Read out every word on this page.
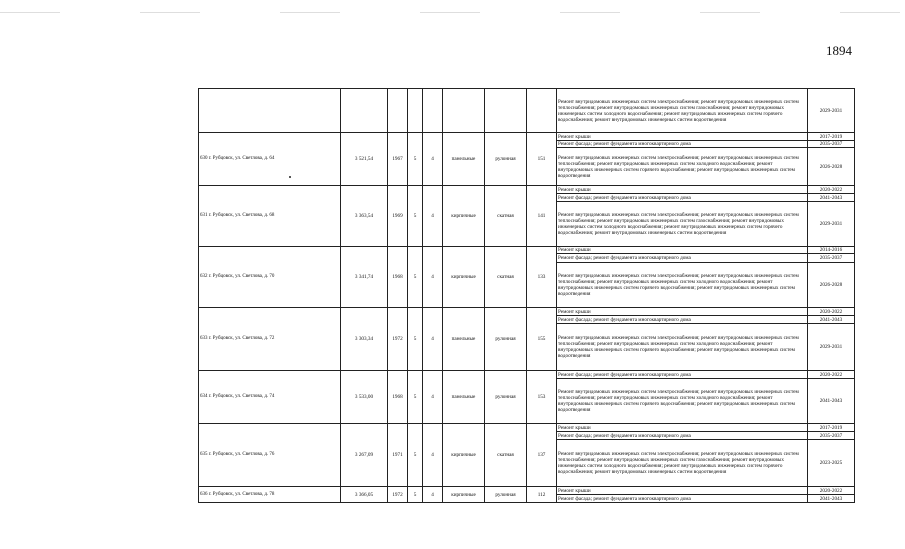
1894
								Ремонт внутридомовых инженерных систем электроснабжения; ремонт внутридомовых инженерных систем теплоснабжения; ремонт внутридомовых инженерных систем газоснабжения; ремонт внутридомовых инженерных систем холодного водоснабжения; ремонт внутридомовых инженерных систем горячего водоснабжения; ремонт внутридомовых инженерных систем водоотведения	2029-2031
630 г. Рубцовск, ул. Светлова, д. 64	3 521,54	1967	5	4	панельные	рулонная	151	Ремонт крыши	2017-2019
								Ремонт фасада; ремонт фундамента многоквартирного дома	2035-2037
								Ремонт внутридомовых инженерных систем электроснабжения; ремонт внутридомовых инженерных систем теплоснабжения; ремонт внутридомовых инженерных систем холодного водоснабжения; ремонт внутридомовых инженерных систем горячего водоснабжения; ремонт внутридомовых инженерных систем водоотведения	2026-2028
631 г. Рубцовск, ул. Светлова, д. 68	3 363,54	1969	5	4	кирпичные	скатная	141	Ремонт крыши	2020-2022
								Ремонт фасада; ремонт фундамента многоквартирного дома	2041-2043
								Ремонт внутридомовых инженерных систем электроснабжения; ремонт внутридомовых инженерных систем теплоснабжения; ремонт внутридомовых инженерных систем газоснабжения; ремонт внутридомовых инженерных систем холодного водоснабжения; ремонт внутридомовых инженерных систем горячего водоснабжения; ремонт внутридомовых инженерных систем водоотведения	2029-2031
632 г. Рубцовск, ул. Светлова, д. 70	3 341,74	1968	5	4	кирпичные	скатная	133	Ремонт крыши	2014-2016
								Ремонт фасада; ремонт фундамента многоквартирного дома	2035-2037
								Ремонт внутридомовых инженерных систем электроснабжения; ремонт внутридомовых инженерных систем теплоснабжения; ремонт внутридомовых инженерных систем холодного водоснабжения; ремонт внутридомовых инженерных систем горячего водоснабжения; ремонт внутридомовых инженерных систем водоотведения	2026-2028
633 г. Рубцовск, ул. Светлова, д. 72	3 303,34	1972	5	4	панельные	рулонная	155	Ремонт крыши	2020-2022
								Ремонт фасада; ремонт фундамента многоквартирного дома	2041-2043
								Ремонт внутридомовых инженерных систем электроснабжения; ремонт внутридомовых инженерных систем теплоснабжения; ремонт внутридомовых инженерных систем холодного водоснабжения; ремонт внутридомовых инженерных систем горячего водоснабжения; ремонт внутридомовых инженерных систем водоотведения	2029-2031
634 г. Рубцовск, ул. Светлова, д. 74	3 533,00	1968	5	4	панельные	рулонная	153	Ремонт фасада; ремонт фундамента многоквартирного дома	2020-2022
								Ремонт внутридомовых инженерных систем электроснабжения; ремонт внутридомовых инженерных систем теплоснабжения; ремонт внутридомовых инженерных систем холодного водоснабжения; ремонт внутридомовых инженерных систем горячего водоснабжения; ремонт внутридомовых инженерных систем водоотведения	2041-2043
635 г. Рубцовск, ул. Светлова, д. 76	3 267,09	1971	5	4	кирпичные	скатная	137	Ремонт крыши	2017-2019
								Ремонт фасада; ремонт фундамента многоквартирного дома	2035-2037
								Ремонт внутридомовых инженерных систем электроснабжения; ремонт внутридомовых инженерных систем теплоснабжения; ремонт внутридомовых инженерных систем газоснабжения; ремонт внутридомовых инженерных систем холодного водоснабжения; ремонт внутридомовых инженерных систем горячего водоснабжения; ремонт внутридомовых инженерных систем водоотведения	2023-2025
636 г. Рубцовск, ул. Светлова, д. 78	3 366,05	1972	5	4	кирпичные	рулонная	112	Ремонт крыши	2020-2022
								Ремонт фасада; ремонт фундамента многоквартирного дома	2041-2043
